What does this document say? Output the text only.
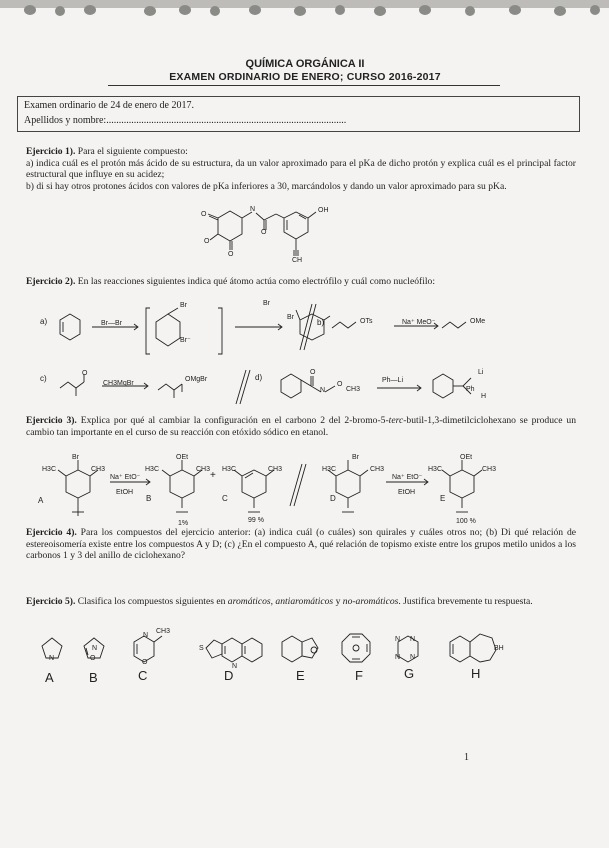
QUÍMICA ORGÁNICA II
EXAMEN ORDINARIO DE ENERO; CURSO 2016-2017
Examen ordinario de 24 de enero de 2017.
Apellidos y nombre:................................................................................................
Ejercicio 1). Para el siguiente compuesto:
a) indica cuál es el protón más ácido de su estructura, da un valor aproximado para el pKa de dicho protón y explica cuál es el principal factor estructural que influye en su acidez;
b) di si hay otros protones ácidos con valores de pKa inferiores a 30, marcándolos y dando un valor aproximado para su pKa.
O
O
O
N
O
OH
CH
Ejercicio 2). En las reacciones siguientes indica qué átomo actúa como electrófilo y cuál como nucleófilo:
a)	Br—Br
Br
Br⁻
Br
Br
b)	OTs	Na⁺ MeO⁻	OMe
c)
O
CH3MgBr
OMgBr	d)
O
N
O
CH3
Ph—Li
Ph
Li
H
Ejercicio 3). Explica por qué al cambiar la configuración en el carbono 2 del 2-bromo-5-terc-butil-1,3-dimetilciclohexano se produce un cambio tan importante en el curso de su reacción con etóxido sódico en etanol.
H3C	CH3
Br
A
Na⁺ EtO⁻
EtOH
H3C	CH3
OEt
B
+
H3C	CH3
C
1%	99 %
H3C	CH3
Br
D
Na⁺ EtO⁻
EtOH
H3C	CH3
OEt
E
100 %
Ejercicio 4). Para los compuestos del ejercicio anterior: (a) indica cuál (o cuáles) son quirales y cuáles otros no; (b) Di qué relación de estereoisomería existe entre los compuestos A y D; (c) ¿En el compuesto A, qué relación de topismo existe entre los grupos metilo unidos a los carbonos 1 y 3 del anillo de ciclohexano?
Ejercicio 5). Clasifica los compuestos siguientes en aromáticos, antiaromáticos y no-aromáticos. Justifica brevemente tu respuesta.
N
N
O
N
CH3
O
S
N
N N
N N
BH
A	B	C	D	E	F	G	H
1
